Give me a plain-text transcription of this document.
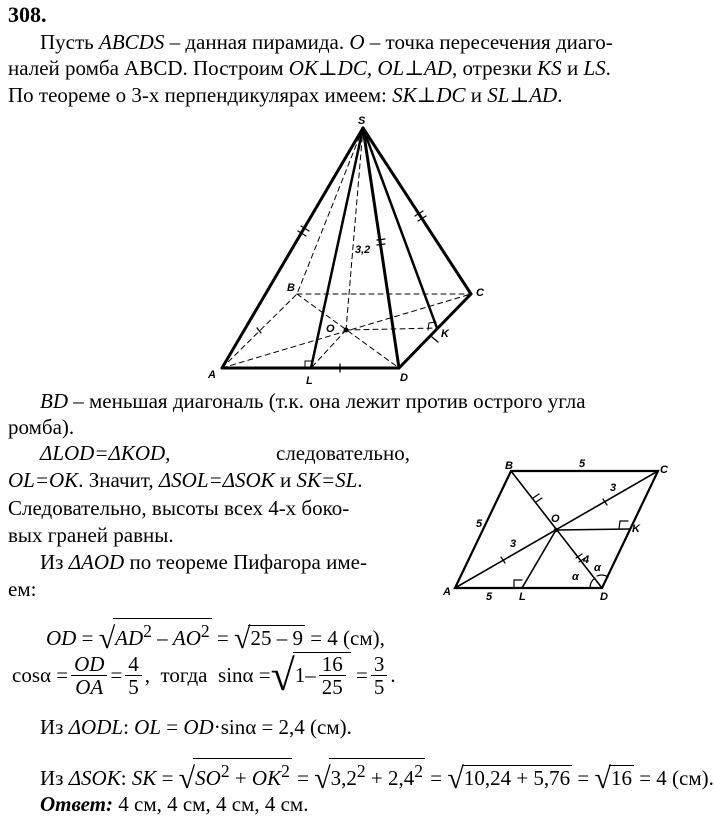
308.
Пусть ABCDS – данная пирамида. O – точка пересечения диаго-
налей ромба ABCD. Построим OK⊥DC, OL⊥AD, отрезки KS и LS.
По теореме о 3-х перпендикулярах имеем: SK⊥DC и SL⊥AD.
S
A
B	C
D
O	K
L
3,2
BD – меньшая диагональ (т.к. она лежит против острого угла
ромба).
ΔLOD=ΔKOD,	следовательно,
OL=OK. Значит, ΔSOL=ΔSOK и SK=SL.
Следовательно, высоты всех 4-х боко-
вых граней равны.
Из ΔAOD по теореме Пифагора име-
ем:	A
B	C
D
O
K
L
5
5
5
3
3
4
α
α
OD = $√AD^2 - AO^2 = √25 - 9 = 4$ (см),
$\cos\alpha = \frac{OD}{OA} = \frac{4}{5}$ ,  тогда sinα = √ $1- \frac{16}{25} = \frac{3}{5}$ .
Из ΔODL: OL = OD·sinα = 2,4 (см).
Из ΔSOK: SK = $√SO^2 + OK^2 = √3,2^2 + 2,4^2 = √10,24 + 5,76 = √16 = 4$ (см).
Ответ: 4 см, 4 см, 4 см, 4 см.
